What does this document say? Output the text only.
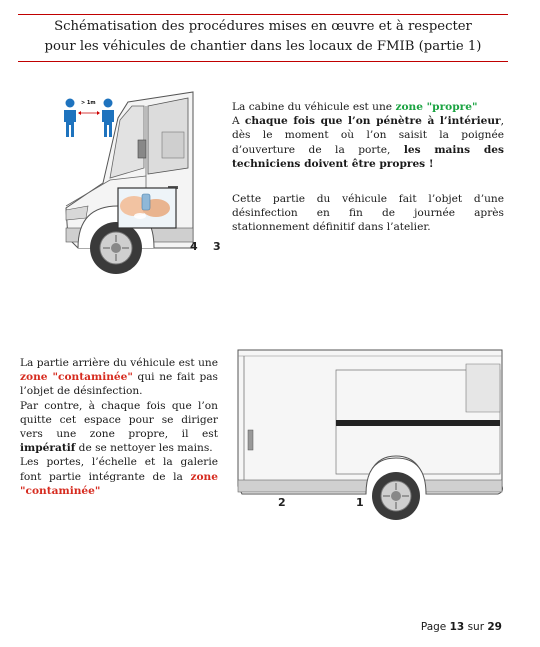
Schématisation des procédures mises en œuvre et à respecter
pour les véhicules de chantier dans les locaux de FMIB (partie 1)
4 3
> 1m	La cabine du véhicule est une zone "propre"
A chaque fois que l’on pénètre à l’intérieur, dès le moment où l’on saisit la poignée d’ouverture de la porte, les mains des techniciens doivent être propres !
Cette partie du véhicule fait l’objet d’une désinfection en fin de journée après stationnement définitif dans l’atelier.
La partie arrière du véhicule est une zone "contaminée" qui ne fait pas l’objet de désinfection.
Par contre, à chaque fois que l’on quitte cet espace pour se diriger vers une zone propre, il est impératif de se nettoyer les mains.
Les portes, l’échelle et la galerie font partie intégrante de la zone "contaminée"
2	1
Page 13 sur 29
